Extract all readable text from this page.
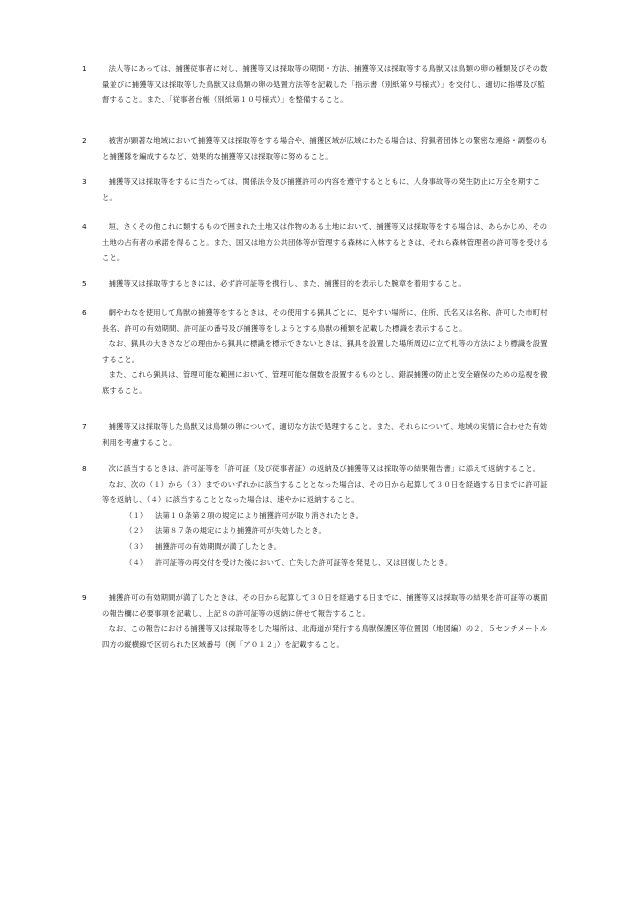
1	法人等にあっては、捕獲従事者に対し、捕獲等又は採取等の期間・方法、捕獲等又は採取等する鳥獣又は鳥類の卵の種類及びその数量並びに捕獲等又は採取等した鳥獣又は鳥類の卵の処置方法等を記載した「指示書（別紙第９号様式）」を交付し、適切に指導及び監督すること。また、「従事者台帳（別紙第１０号様式）」を整備すること。
2	被害が顕著な地域において捕獲等又は採取等をする場合や、捕獲区域が広域にわたる場合は、狩猟者団体との緊密な連絡・調整のもと捕獲隊を編成するなど、効果的な捕獲等又は採取等に努めること。
3	捕獲等又は採取等をするに当たっては、関係法令及び捕獲許可の内容を遵守するとともに、人身事故等の発生防止に万全を期すこと。
4	垣、さくその他これに類するもので囲まれた土地又は作物のある土地において、捕獲等又は採取等をする場合は、あらかじめ、その土地の占有者の承諾を得ること。また、国又は地方公共団体等が管理する森林に入林するときは、それら森林管理者の許可等を受けること。
5	捕獲等又は採取等するときには、必ず許可証等を携行し、また、捕獲目的を表示した腕章を着用すること。
6	網やわなを使用して鳥獣の捕獲等をするときは、その使用する猟具ごとに、見やすい場所に、住所、氏名又は名称、許可した市町村長名、許可の有効期間、許可証の番号及び捕獲等をしようとする鳥獣の種類を記載した標識を表示すること。
なお、猟具の大きさなどの理由から猟具に標識を標示できないときは、猟具を設置した場所周辺に立て札等の方法により標識を設置すること。
また、これら猟具は、管理可能な範囲において、管理可能な個数を設置するものとし、錯誤捕獲の防止と安全確保のための巡視を徹底すること。
7	捕獲等又は採取等した鳥獣又は鳥類の卵について、適切な方法で処理すること。また、それらについて、地域の実情に合わせた有効利用を考慮すること。
8	次に該当するときは、許可証等を「許可証（及び従事者証）の返納及び捕獲等又は採取等の結果報告書」に添えて返納すること。
なお、次の（１）から（３）までのいずれかに該当することとなった場合は、その日から起算して３０日を経過する日までに許可証等を返納し、（４）に該当することとなった場合は、速やかに返納すること。
（１） 法第１０条第２項の規定により捕獲許可が取り消されたとき。
（２） 法第８７条の規定により捕獲許可が失効したとき。
（３） 捕獲許可の有効期間が満了したとき。
（４） 許可証等の再交付を受けた後において、亡失した許可証等を発見し、又は回復したとき。
9	捕獲許可の有効期間が満了したときは、その日から起算して３０日を経過する日までに、捕獲等又は採取等の結果を許可証等の裏面の報告欄に必要事項を記載し、上記８の許可証等の返納に併せて報告すること。
なお、この報告における捕獲等又は採取等をした場所は、北海道が発行する鳥獣保護区等位置図（地図編）の２．５センチメートル四方の縦横線で区切られた区域番号（例「ア０１２」）を記載すること。
